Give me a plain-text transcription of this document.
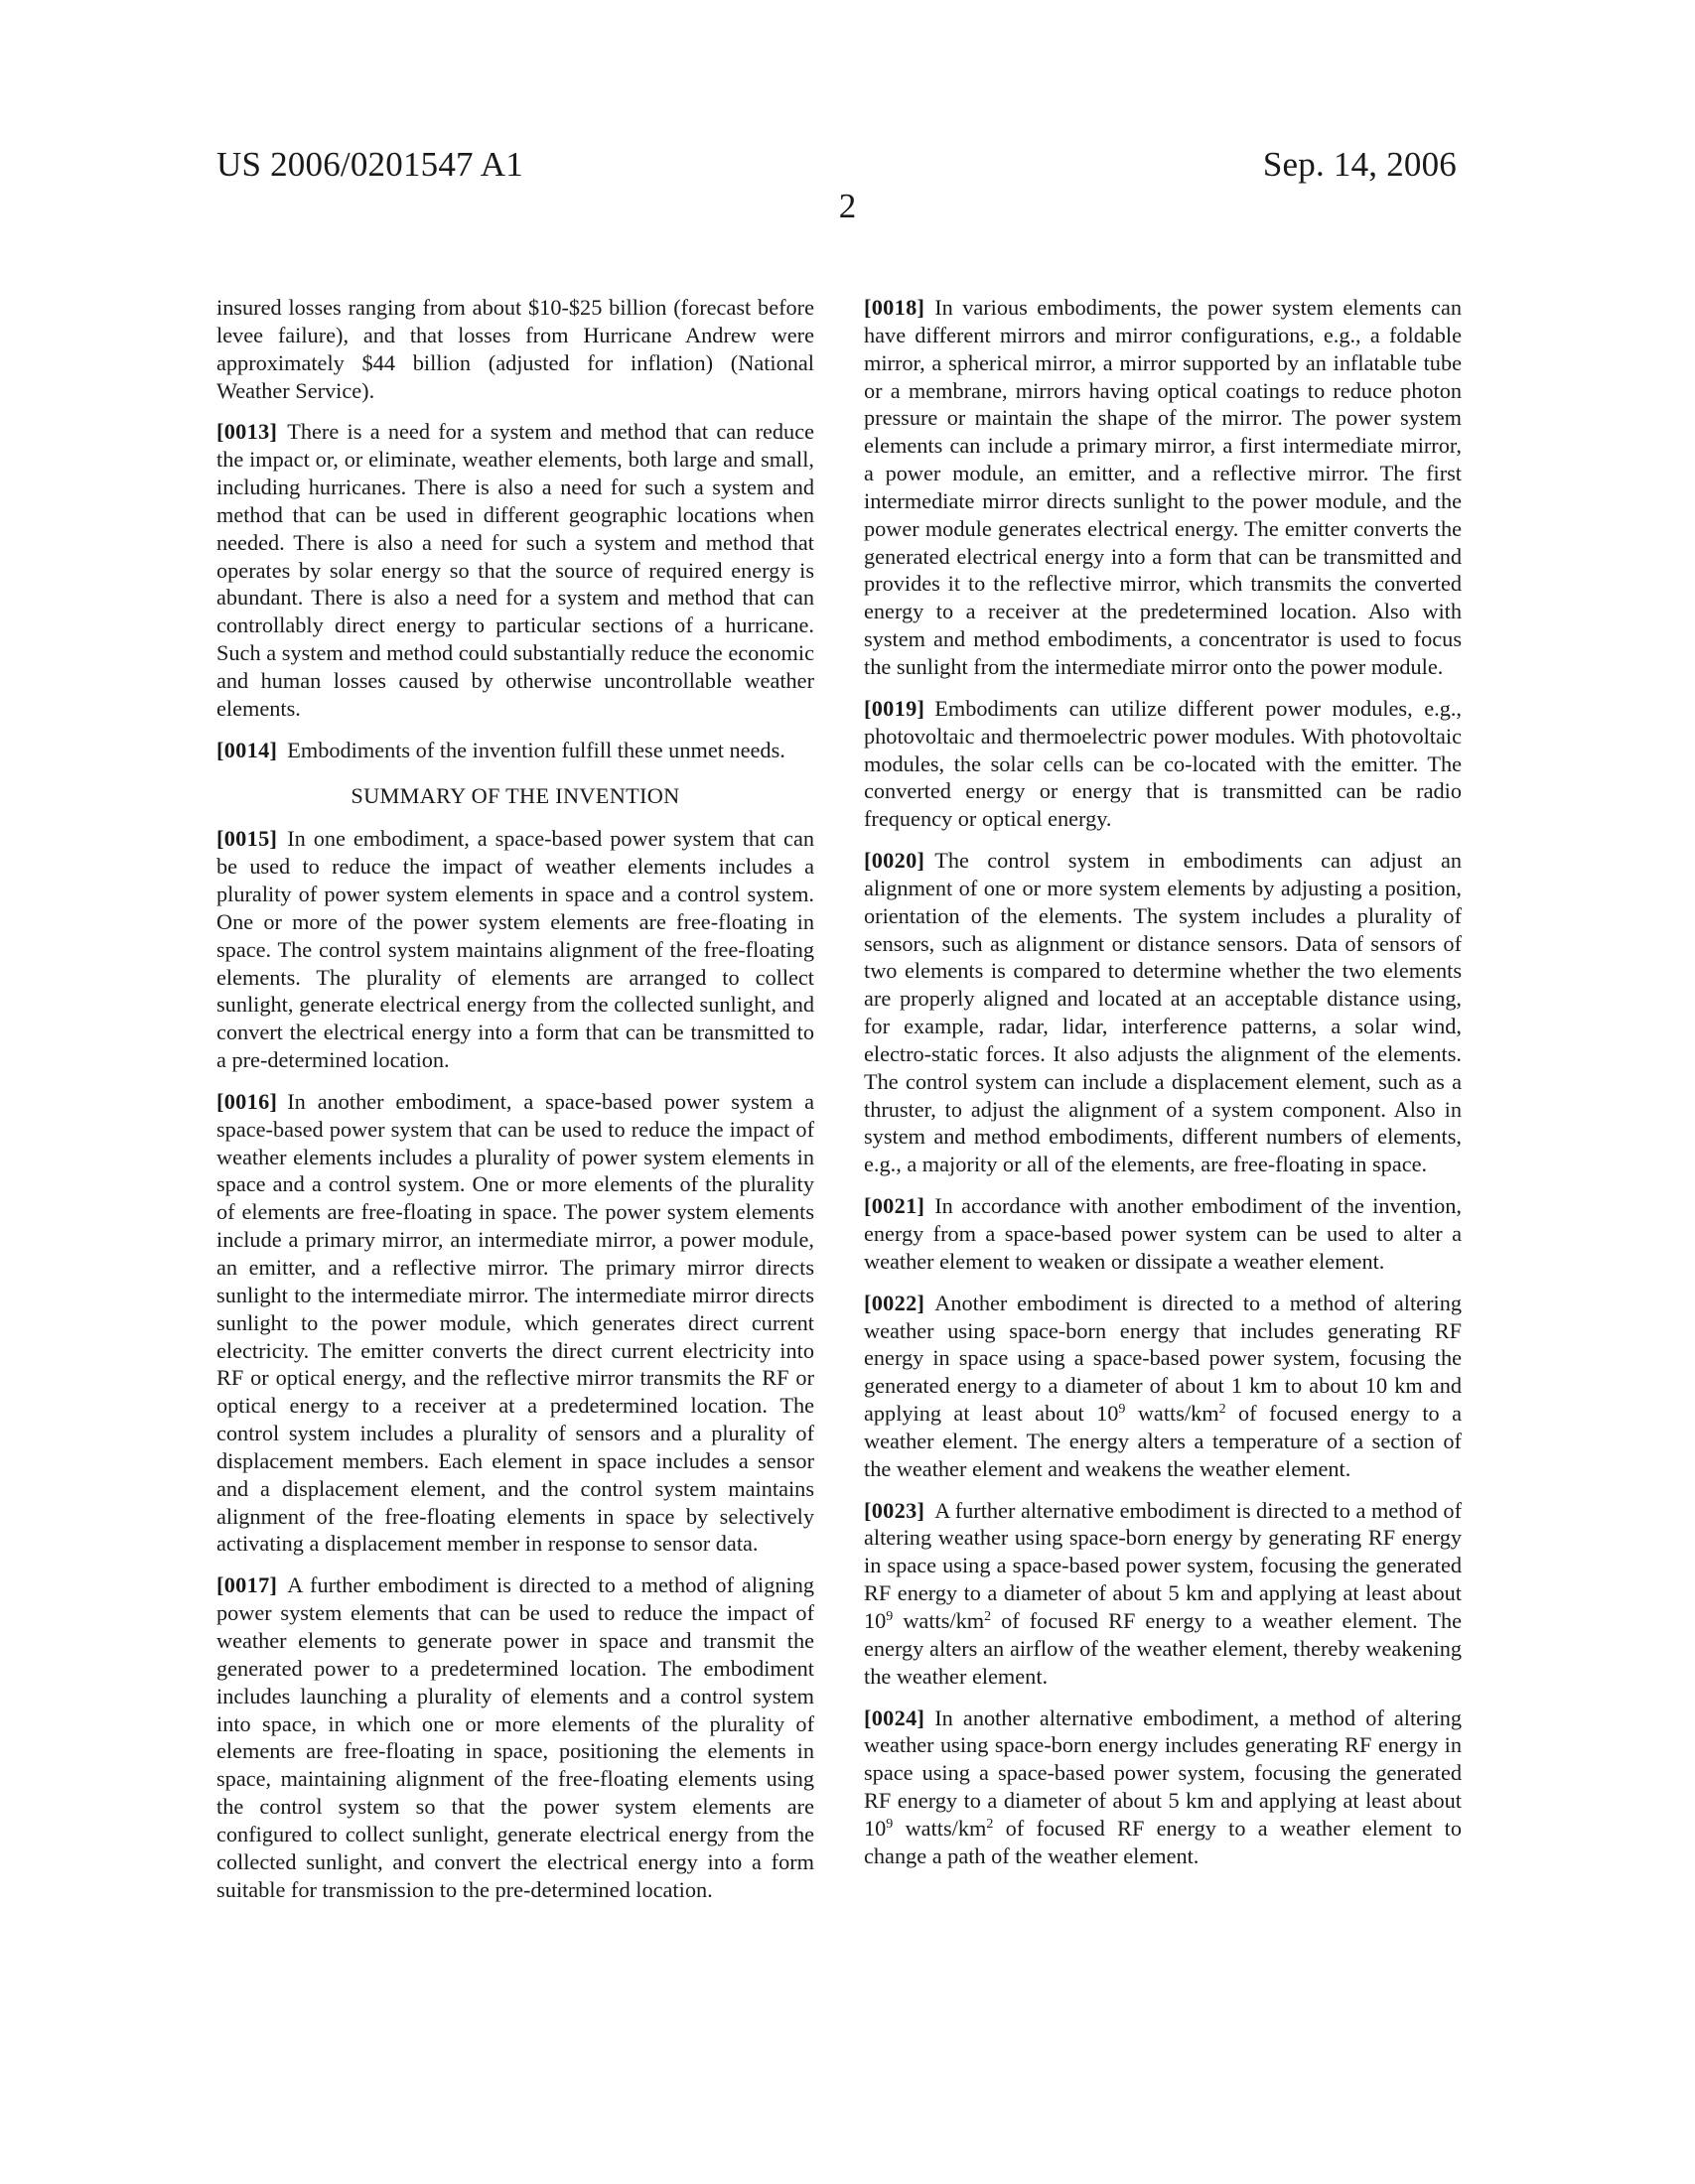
US 2006/0201547 A1	Sep. 14, 2006
2

insured losses ranging from about $10-$25 billion (forecast before levee failure), and that losses from Hurricane Andrew were approximately $44 billion (adjusted for inflation) (National Weather Service).

[0013] There is a need for a system and method that can reduce the impact or, or eliminate, weather elements, both large and small, including hurricanes. There is also a need for such a system and method that can be used in different geographic locations when needed. There is also a need for such a system and method that operates by solar energy so that the source of required energy is abundant. There is also a need for a system and method that can controllably direct energy to particular sections of a hurricane. Such a system and method could substantially reduce the economic and human losses caused by otherwise uncontrollable weather elements.

[0014] Embodiments of the invention fulfill these unmet needs.

SUMMARY OF THE INVENTION

[0015] In one embodiment, a space-based power system that can be used to reduce the impact of weather elements includes a plurality of power system elements in space and a control system. One or more of the power system elements are free-floating in space. The control system maintains alignment of the free-floating elements. The plurality of elements are arranged to collect sunlight, generate electrical energy from the collected sunlight, and convert the electrical energy into a form that can be transmitted to a pre-determined location.

[0016] In another embodiment, a space-based power system a space-based power system that can be used to reduce the impact of weather elements includes a plurality of power system elements in space and a control system. One or more elements of the plurality of elements are free-floating in space. The power system elements include a primary mirror, an intermediate mirror, a power module, an emitter, and a reflective mirror. The primary mirror directs sunlight to the intermediate mirror. The intermediate mirror directs sunlight to the power module, which generates direct current electricity. The emitter converts the direct current electricity into RF or optical energy, and the reflective mirror transmits the RF or optical energy to a receiver at a predetermined location. The control system includes a plurality of sensors and a plurality of displacement members. Each element in space includes a sensor and a displacement element, and the control system maintains alignment of the free-floating elements in space by selectively activating a displacement member in response to sensor data.

[0017] A further embodiment is directed to a method of aligning power system elements that can be used to reduce the impact of weather elements to generate power in space and transmit the generated power to a predetermined location. The embodiment includes launching a plurality of elements and a control system into space, in which one or more elements of the plurality of elements are free-floating in space, positioning the elements in space, maintaining alignment of the free-floating elements using the control system so that the power system elements are configured to collect sunlight, generate electrical energy from the collected sunlight, and convert the electrical energy into a form suitable for transmission to the pre-determined location.

[0018] In various embodiments, the power system elements can have different mirrors and mirror configurations, e.g., a foldable mirror, a spherical mirror, a mirror supported by an inflatable tube or a membrane, mirrors having optical coatings to reduce photon pressure or maintain the shape of the mirror. The power system elements can include a primary mirror, a first intermediate mirror, a power module, an emitter, and a reflective mirror. The first intermediate mirror directs sunlight to the power module, and the power module generates electrical energy. The emitter converts the generated electrical energy into a form that can be transmitted and provides it to the reflective mirror, which transmits the converted energy to a receiver at the predetermined location. Also with system and method embodiments, a concentrator is used to focus the sunlight from the intermediate mirror onto the power module.

[0019] Embodiments can utilize different power modules, e.g., photovoltaic and thermoelectric power modules. With photovoltaic modules, the solar cells can be co-located with the emitter. The converted energy or energy that is transmitted can be radio frequency or optical energy.

[0020] The control system in embodiments can adjust an alignment of one or more system elements by adjusting a position, orientation of the elements. The system includes a plurality of sensors, such as alignment or distance sensors. Data of sensors of two elements is compared to determine whether the two elements are properly aligned and located at an acceptable distance using, for example, radar, lidar, interference patterns, a solar wind, electro-static forces. It also adjusts the alignment of the elements. The control system can include a displacement element, such as a thruster, to adjust the alignment of a system component. Also in system and method embodiments, different numbers of elements, e.g., a majority or all of the elements, are free-floating in space.

[0021] In accordance with another embodiment of the invention, energy from a space-based power system can be used to alter a weather element to weaken or dissipate a weather element.

[0022] Another embodiment is directed to a method of altering weather using space-born energy that includes generating RF energy in space using a space-based power system, focusing the generated energy to a diameter of about 1 km to about 10 km and applying at least about $10^9$ watts/$km^2$ of focused energy to a weather element. The energy alters a temperature of a section of the weather element and weakens the weather element.

[0023] A further alternative embodiment is directed to a method of altering weather using space-born energy by generating RF energy in space using a space-based power system, focusing the generated RF energy to a diameter of about 5 km and applying at least about $10^9$ watts/$km^2$ of focused RF energy to a weather element. The energy alters an airflow of the weather element, thereby weakening the weather element.

[0024] In another alternative embodiment, a method of altering weather using space-born energy includes generating RF energy in space using a space-based power system, focusing the generated RF energy to a diameter of about 5 km and applying at least about $10^9$ watts/$km^2$ of focused RF energy to a weather element to change a path of the weather element.
